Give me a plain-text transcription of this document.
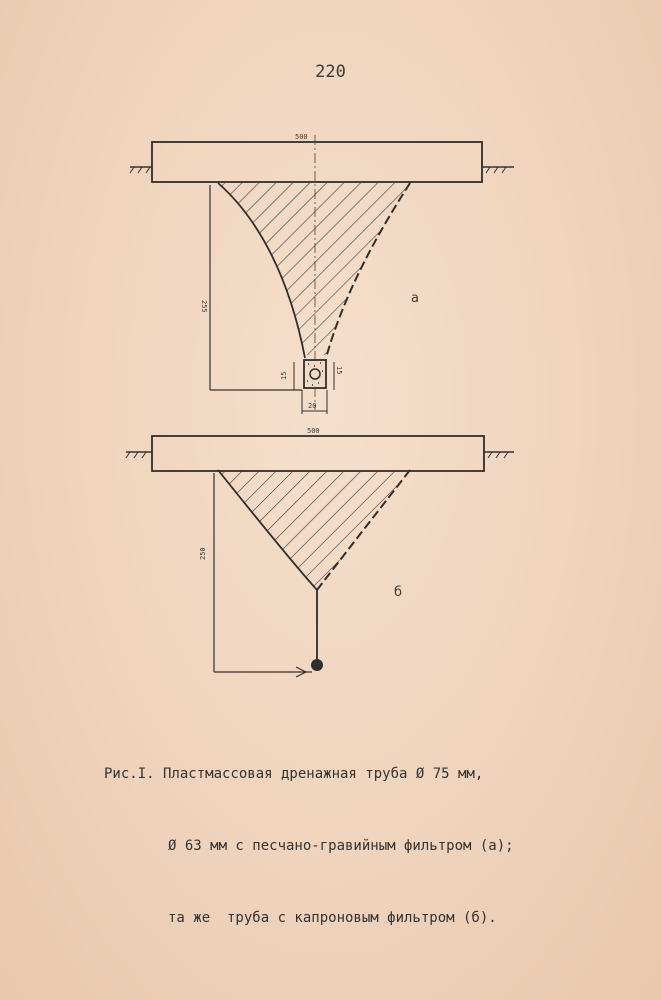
220
500
255
15
15
20
а
500
250
б

Рис.I. Пластмассовая дренажная труба Ø 75 мм,

Ø 63 мм с песчано-гравийным фильтром (а);

та же  труба с капроновым фильтром (б).
